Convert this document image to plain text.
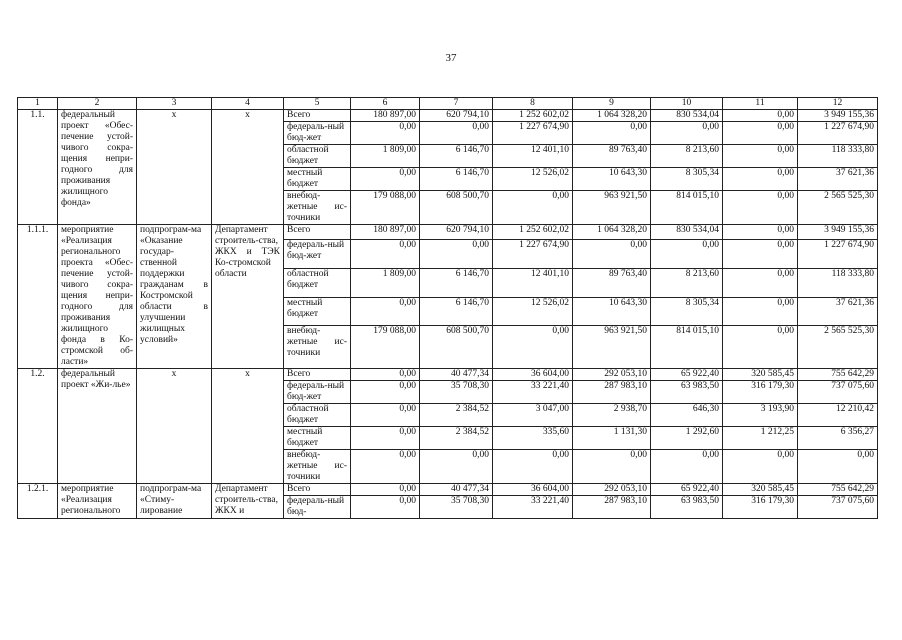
37
1	2	3	4	5	6	7	8	9	10	11	12
1.1.	федеральный проект «Обес-печение устой-чивого сокра-щения непри-годного для проживания жилищного фонда»	х	х	Всего	180 897,00	620 794,10	1 252 602,02	1 064 328,20	830 534,04	0,00	3 949 155,36
				федераль-ный бюд-жет	0,00	0,00	1 227 674,90	0,00	0,00	0,00	1 227 674,90
				областной бюджет	1 809,00	6 146,70	12 401,10	89 763,40	8 213,60	0,00	118 333,80
				местный бюджет	0,00	6 146,70	12 526,02	10 643,30	8 305,34	0,00	37 621,36
				внебюд-жетные ис-точники	179 088,00	608 500,70	0,00	963 921,50	814 015,10	0,00	2 565 525,30
1.1.1.	мероприятие «Реализация регионального проекта «Обес-печение устой-чивого сокра-щения непри-годного для проживания жилищного фонда в Ко-стромской об-ласти»	подпрограм-ма «Оказание государ-ственной поддержки гражданам в Костромской области в улучшении жилищных условий»	Департамент строитель-ства, ЖКХ и ТЭК Ко-стромской области	Всего	180 897,00	620 794,10	1 252 602,02	1 064 328,20	830 534,04	0,00	3 949 155,36
				федераль-ный бюд-жет	0,00	0,00	1 227 674,90	0,00	0,00	0,00	1 227 674,90
				областной бюджет	1 809,00	6 146,70	12 401,10	89 763,40	8 213,60	0,00	118 333,80
				местный бюджет	0,00	6 146,70	12 526,02	10 643,30	8 305,34	0,00	37 621,36
				внебюд-жетные ис-точники	179 088,00	608 500,70	0,00	963 921,50	814 015,10	0,00	2 565 525,30
1.2.	федеральный проект «Жи-лье»	х	х	Всего	0,00	40 477,34	36 604,00	292 053,10	65 922,40	320 585,45	755 642,29
				федераль-ный бюд-жет	0,00	35 708,30	33 221,40	287 983,10	63 983,50	316 179,30	737 075,60
				областной бюджет	0,00	2 384,52	3 047,00	2 938,70	646,30	3 193,90	12 210,42
				местный бюджет	0,00	2 384,52	335,60	1 131,30	1 292,60	1 212,25	6 356,27
				внебюд-жетные ис-точники	0,00	0,00	0,00	0,00	0,00	0,00	0,00
1.2.1.	мероприятие «Реализация регионального	подпрограм-ма «Стиму-лирование	Департамент строитель-ства, ЖКХ и	Всего	0,00	40 477,34	36 604,00	292 053,10	65 922,40	320 585,45	755 642,29
				федераль-ный бюд-	0,00	35 708,30	33 221,40	287 983,10	63 983,50	316 179,30	737 075,60
